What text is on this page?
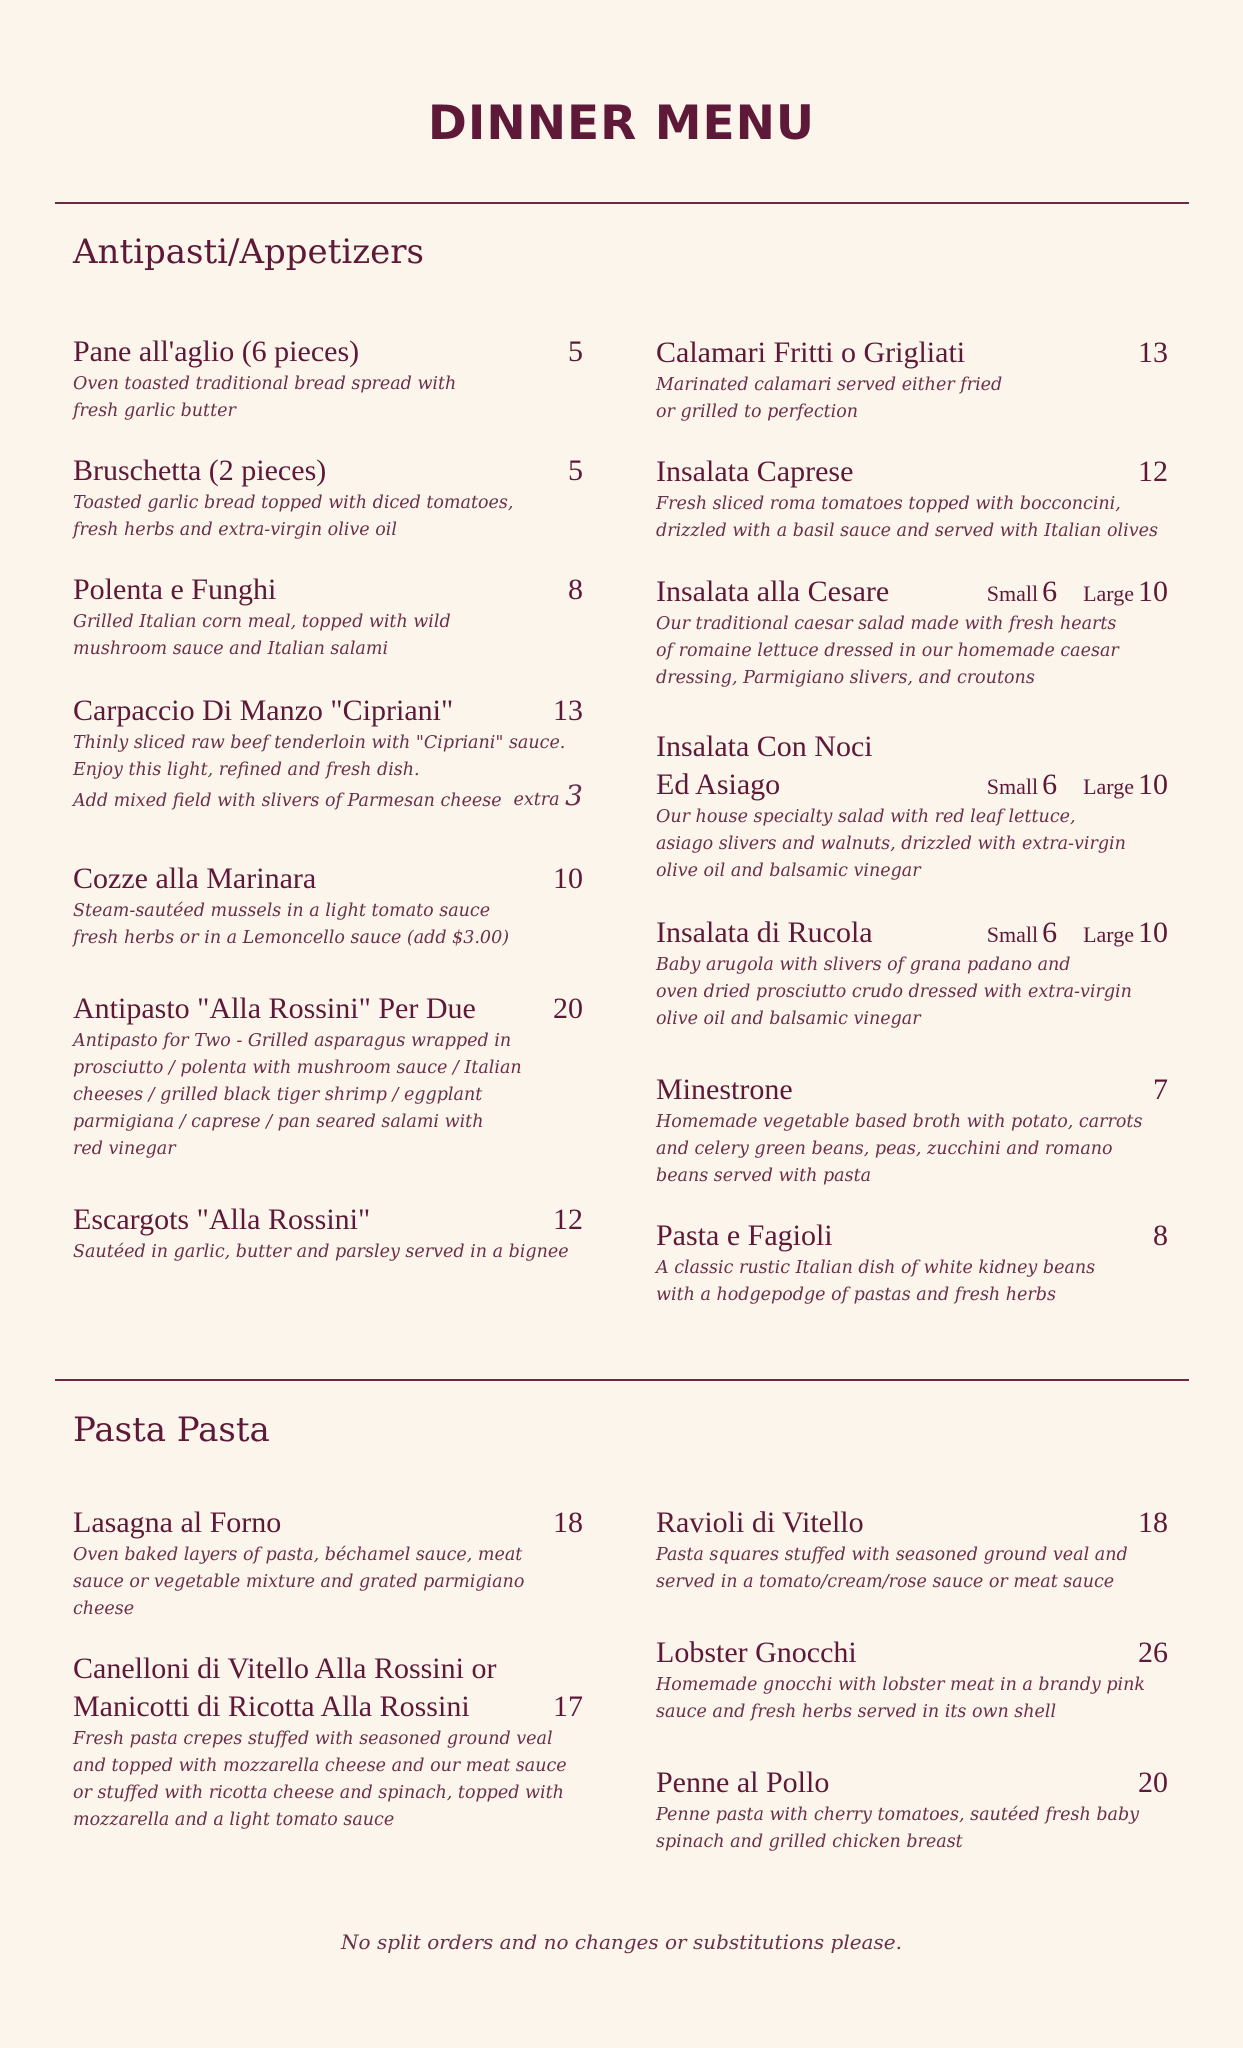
DINNER MENU
Antipasti/Appetizers
Pane all'aglio (6 pieces)	5
Oven toasted traditional bread spread with
fresh garlic butter
Bruschetta (2 pieces)	5
Toasted garlic bread topped with diced tomatoes,
fresh herbs and extra-virgin olive oil
Polenta e Funghi	8
Grilled Italian corn meal, topped with wild
mushroom sauce and Italian salami
Carpaccio Di Manzo "Cipriani"	13
Thinly sliced raw beef tenderloin with "Cipriani" sauce.
Enjoy this light, refined and fresh dish.
Add mixed field with slivers of Parmesan cheese extra 3
Cozze alla Marinara	10
Steam-sautéed mussels in a light tomato sauce
fresh herbs or in a Lemoncello sauce (add $3.00)
Antipasto "Alla Rossini" Per Due	20
Antipasto for Two - Grilled asparagus wrapped in
prosciutto / polenta with mushroom sauce / Italian
cheeses / grilled black tiger shrimp / eggplant
parmigiana / caprese / pan seared salami with
red vinegar
Escargots "Alla Rossini"	12
Sautéed in garlic, butter and parsley served in a bignee
Calamari Fritti o Grigliati	13
Marinated calamari served either fried
or grilled to perfection
Insalata Caprese	12
Fresh sliced roma tomatoes topped with bocconcini,
drizzled with a basil sauce and served with Italian olives
Insalata alla Cesare	Small 6 Large 10
Our traditional caesar salad made with fresh hearts
of romaine lettuce dressed in our homemade caesar
dressing, Parmigiano slivers, and croutons
Insalata Con Noci
Ed Asiago	Small 6 Large 10
Our house specialty salad with red leaf lettuce,
asiago slivers and walnuts, drizzled with extra-virgin
olive oil and balsamic vinegar
Insalata di Rucola	Small 6 Large 10
Baby arugola with slivers of grana padano and
oven dried prosciutto crudo dressed with extra-virgin
olive oil and balsamic vinegar
Minestrone	7
Homemade vegetable based broth with potato, carrots
and celery green beans, peas, zucchini and romano
beans served with pasta
Pasta e Fagioli	8
A classic rustic Italian dish of white kidney beans
with a hodgepodge of pastas and fresh herbs
Pasta Pasta
Lasagna al Forno	18
Oven baked layers of pasta, béchamel sauce, meat
sauce or vegetable mixture and grated parmigiano
cheese
Canelloni di Vitello Alla Rossini or
Manicotti di Ricotta Alla Rossini	17
Fresh pasta crepes stuffed with seasoned ground veal
and topped with mozzarella cheese and our meat sauce
or stuffed with ricotta cheese and spinach, topped with
mozzarella and a light tomato sauce
Ravioli di Vitello	18
Pasta squares stuffed with seasoned ground veal and
served in a tomato/cream/rose sauce or meat sauce
Lobster Gnocchi	26
Homemade gnocchi with lobster meat in a brandy pink
sauce and fresh herbs served in its own shell
Penne al Pollo	20
Penne pasta with cherry tomatoes, sautéed fresh baby
spinach and grilled chicken breast
No split orders and no changes or substitutions please.
